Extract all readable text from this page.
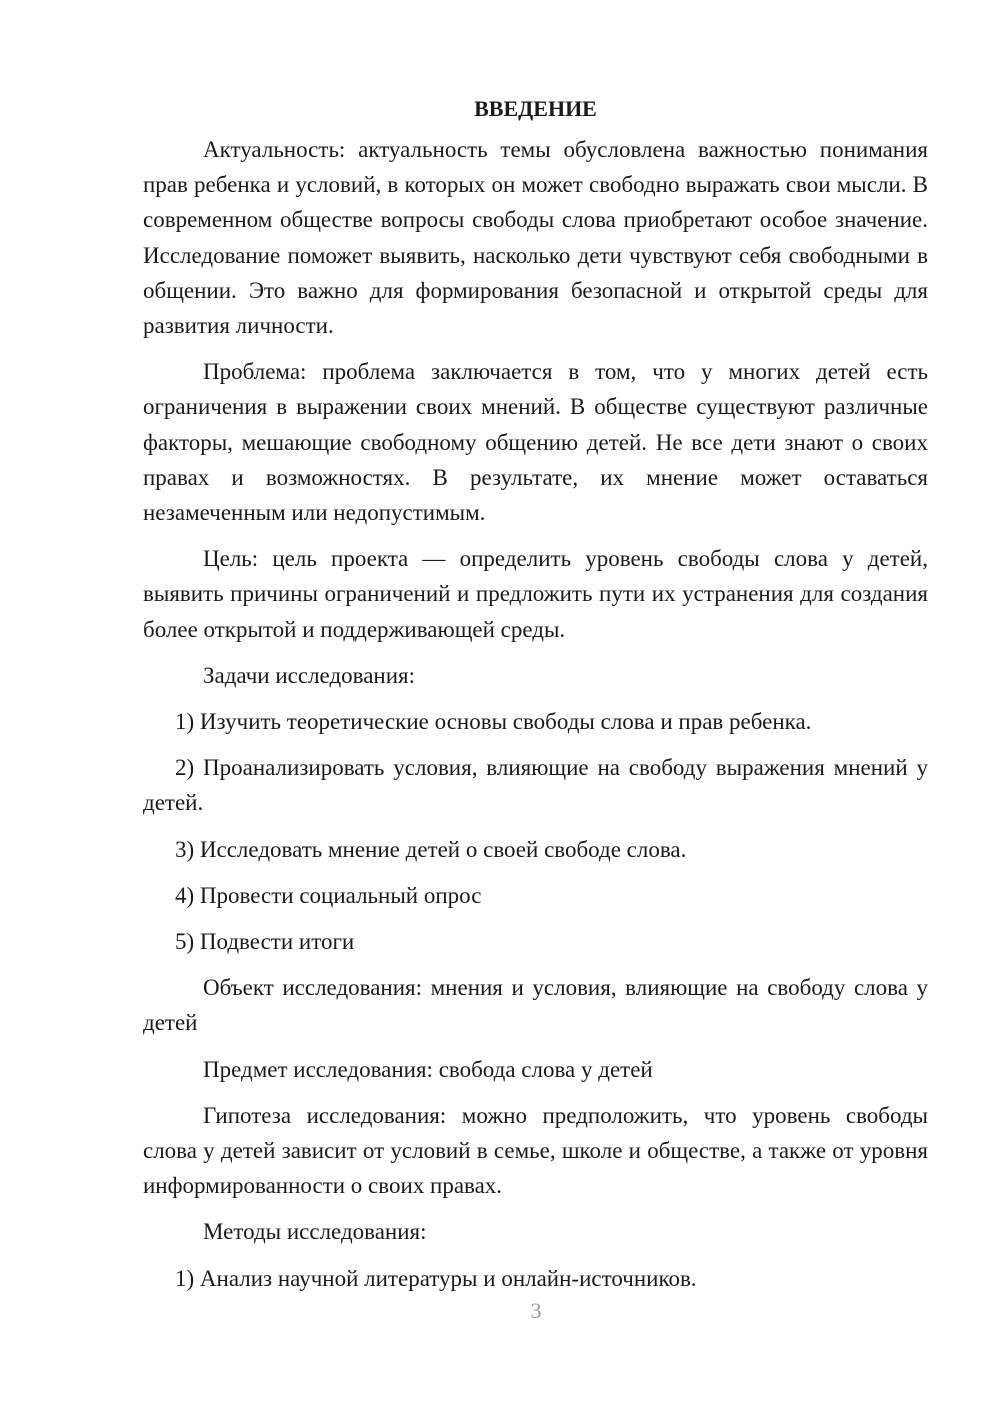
ВВЕДЕНИЕ

Актуальность: актуальность темы обусловлена важностью понимания прав ребенка и условий, в которых он может свободно выражать свои мысли. В современном обществе вопросы свободы слова приобретают особое значение. Исследование поможет выявить, насколько дети чувствуют себя свободными в общении. Это важно для формирования безопасной и открытой среды для развития личности.

Проблема: проблема заключается в том, что у многих детей есть ограничения в выражении своих мнений. В обществе существуют различные факторы, мешающие свободному общению детей. Не все дети знают о своих правах и возможностях. В результате, их мнение может оставаться незамеченным или недопустимым.

Цель: цель проекта — определить уровень свободы слова у детей, выявить причины ограничений и предложить пути их устранения для создания более открытой и поддерживающей среды.

Задачи исследования:

1) Изучить теоретические основы свободы слова и прав ребенка.

2) Проанализировать условия, влияющие на свободу выражения мнений у детей.

3) Исследовать мнение детей о своей свободе слова.

4) Провести социальный опрос

5) Подвести итоги

Объект исследования: мнения и условия, влияющие на свободу слова у детей

Предмет исследования: свобода слова у детей

Гипотеза исследования: можно предположить, что уровень свободы слова у детей зависит от условий в семье, школе и обществе, а также от уровня информированности о своих правах.

Методы исследования:

1) Анализ научной литературы и онлайн-источников.

3
